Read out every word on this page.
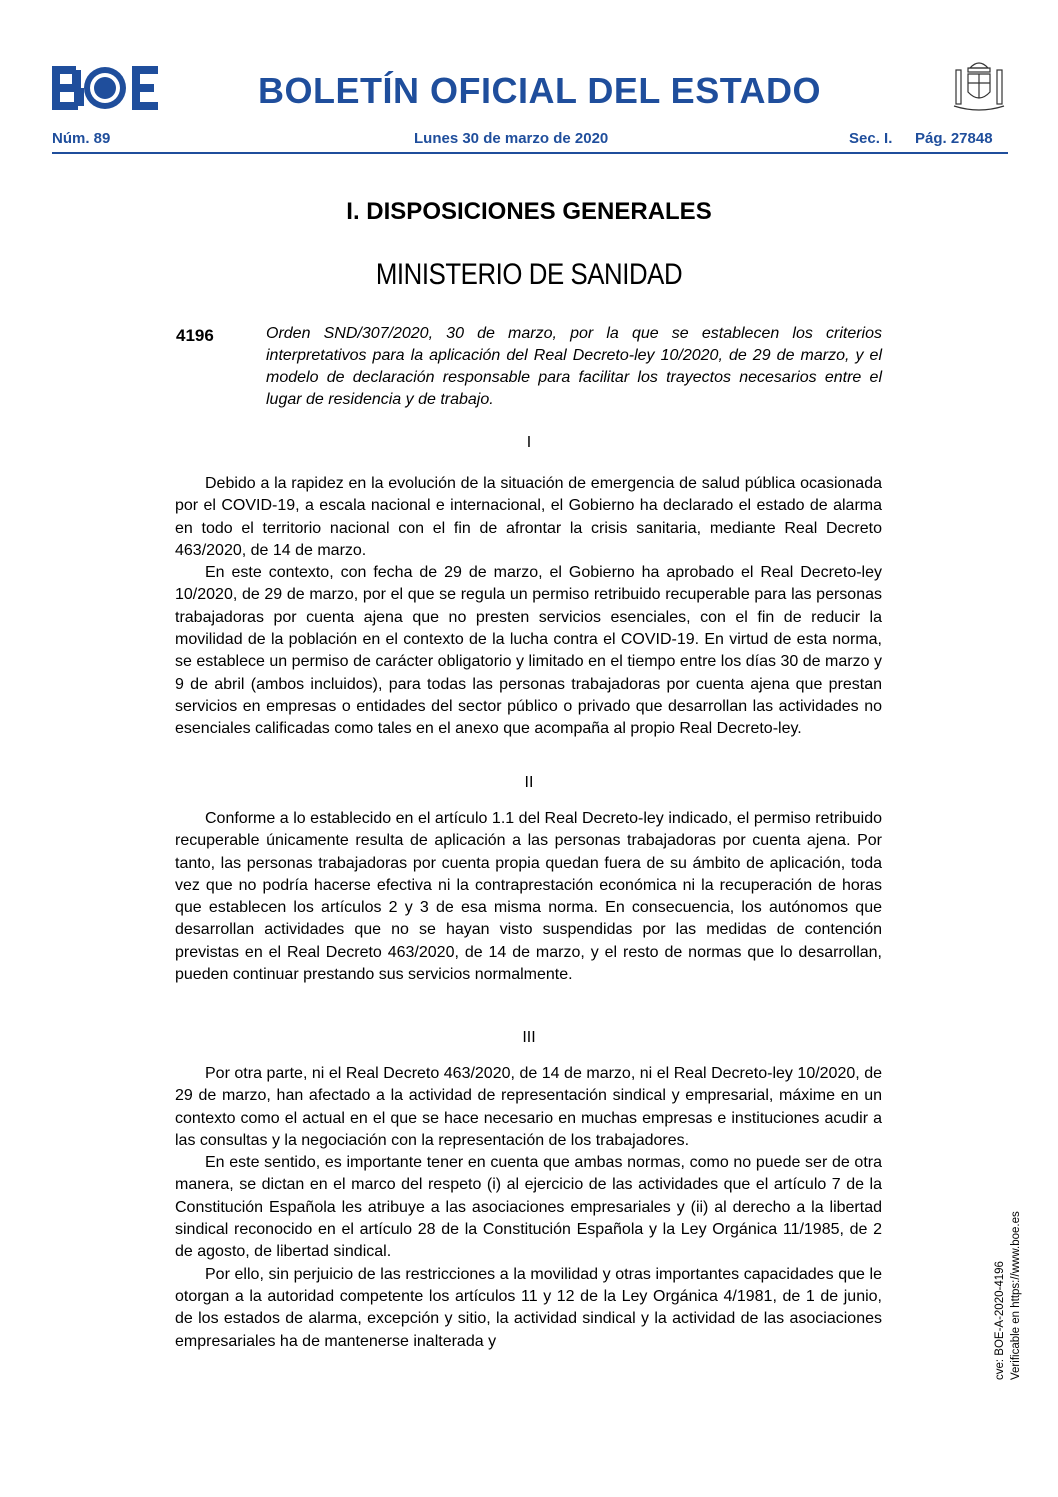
BOLETÍN OFICIAL DEL ESTADO
Núm. 89	Lunes 30 de marzo de 2020	Sec. I. Pág. 27848
I. DISPOSICIONES GENERALES
MINISTERIO DE SANIDAD
4196	Orden SND/307/2020, 30 de marzo, por la que se establecen los criterios interpretativos para la aplicación del Real Decreto-ley 10/2020, de 29 de marzo, y el modelo de declaración responsable para facilitar los trayectos necesarios entre el lugar de residencia y de trabajo.

I

Debido a la rapidez en la evolución de la situación de emergencia de salud pública ocasionada por el COVID-19, a escala nacional e internacional, el Gobierno ha declarado el estado de alarma en todo el territorio nacional con el fin de afrontar la crisis sanitaria, mediante Real Decreto 463/2020, de 14 de marzo.

En este contexto, con fecha de 29 de marzo, el Gobierno ha aprobado el Real Decreto-ley 10/2020, de 29 de marzo, por el que se regula un permiso retribuido recuperable para las personas trabajadoras por cuenta ajena que no presten servicios esenciales, con el fin de reducir la movilidad de la población en el contexto de la lucha contra el COVID-19. En virtud de esta norma, se establece un permiso de carácter obligatorio y limitado en el tiempo entre los días 30 de marzo y 9 de abril (ambos incluidos), para todas las personas trabajadoras por cuenta ajena que prestan servicios en empresas o entidades del sector público o privado que desarrollan las actividades no esenciales calificadas como tales en el anexo que acompaña al propio Real Decreto-ley.

II

Conforme a lo establecido en el artículo 1.1 del Real Decreto-ley indicado, el permiso retribuido recuperable únicamente resulta de aplicación a las personas trabajadoras por cuenta ajena. Por tanto, las personas trabajadoras por cuenta propia quedan fuera de su ámbito de aplicación, toda vez que no podría hacerse efectiva ni la contraprestación económica ni la recuperación de horas que establecen los artículos 2 y 3 de esa misma norma. En consecuencia, los autónomos que desarrollan actividades que no se hayan visto suspendidas por las medidas de contención previstas en el Real Decreto 463/2020, de 14 de marzo, y el resto de normas que lo desarrollan, pueden continuar prestando sus servicios normalmente.

III

Por otra parte, ni el Real Decreto 463/2020, de 14 de marzo, ni el Real Decreto-ley 10/2020, de 29 de marzo, han afectado a la actividad de representación sindical y empresarial, máxime en un contexto como el actual en el que se hace necesario en muchas empresas e instituciones acudir a las consultas y la negociación con la representación de los trabajadores.

En este sentido, es importante tener en cuenta que ambas normas, como no puede ser de otra manera, se dictan en el marco del respeto (i) al ejercicio de las actividades que el artículo 7 de la Constitución Española les atribuye a las asociaciones empresariales y (ii) al derecho a la libertad sindical reconocido en el artículo 28 de la Constitución Española y la Ley Orgánica 11/1985, de 2 de agosto, de libertad sindical.

Por ello, sin perjuicio de las restricciones a la movilidad y otras importantes capacidades que le otorgan a la autoridad competente los artículos 11 y 12 de la Ley Orgánica 4/1981, de 1 de junio, de los estados de alarma, excepción y sitio, la actividad sindical y la actividad de las asociaciones empresariales ha de mantenerse inalterada y	cve: BOE-A-2020-4196 Verificable en https://www.boe.es
